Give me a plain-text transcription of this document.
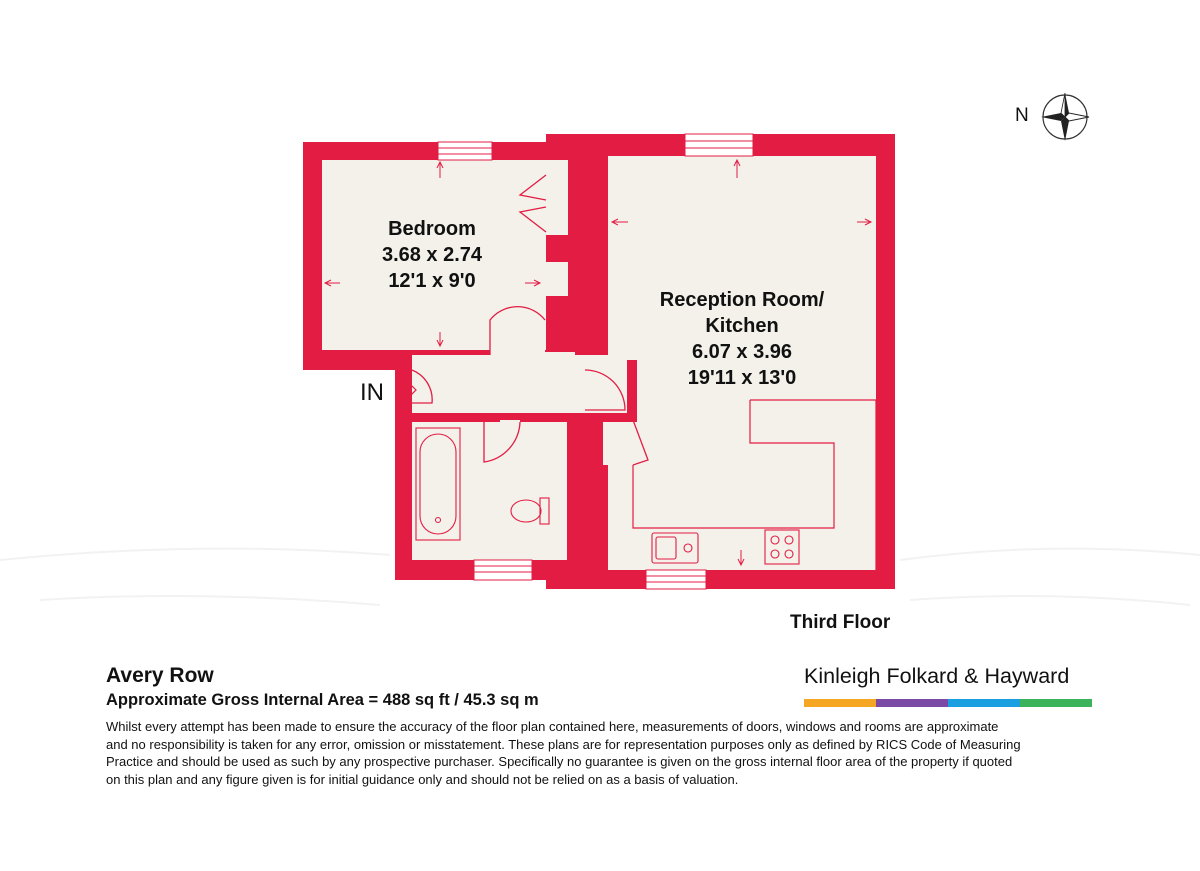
Bedroom
3.68 x 2.74
12'1 x 9'0
Reception Room/
Kitchen
6.07 x 3.96
19'11 x 13'0
IN
N
Third Floor
Avery Row
Approximate Gross Internal Area = 488 sq ft / 45.3 sq m
Whilst every attempt has been made to ensure the accuracy of the floor plan contained here, measurements of doors, windows and rooms are approximate
and no responsibility is taken for any error, omission or misstatement. These plans are for representation purposes only as defined by RICS Code of Measuring
Practice and should be used as such by any prospective purchaser. Specifically no guarantee is given on the gross internal floor area of the property if quoted
on this plan and any figure given is for initial guidance only and should not be relied on as a basis of valuation.
Kinleigh Folkard & Hayward
